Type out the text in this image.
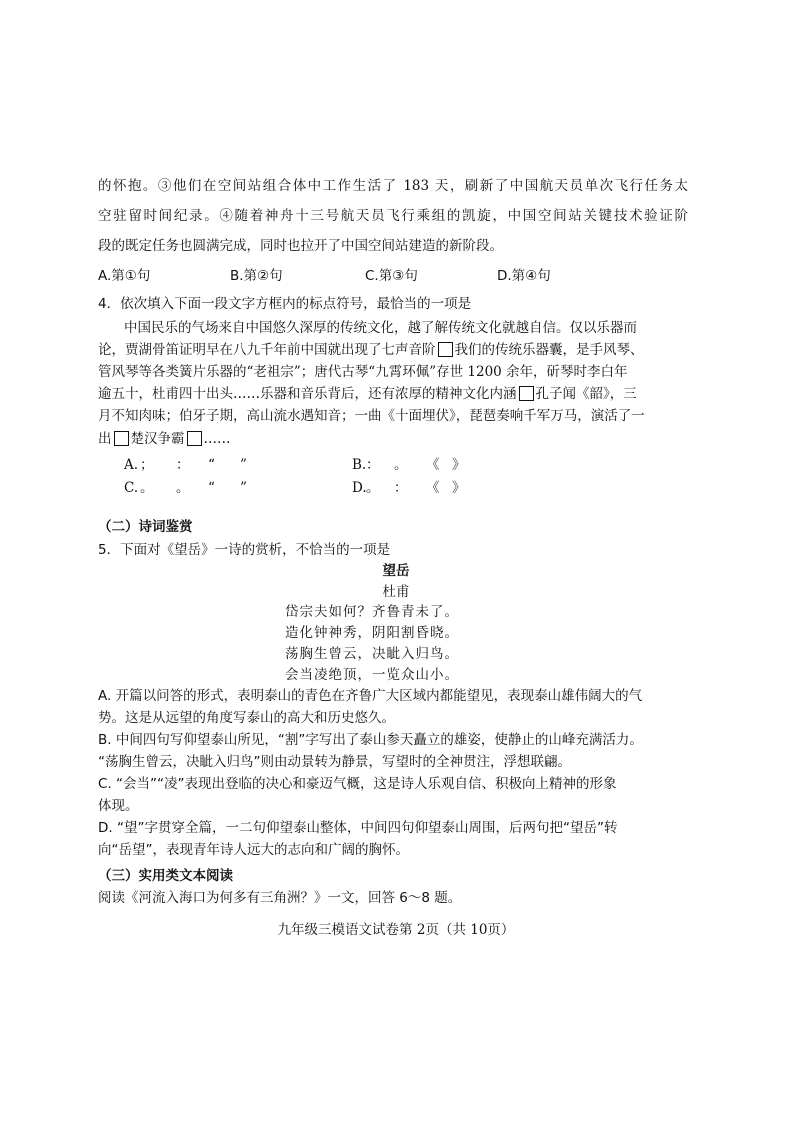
的怀抱。③他们在空间站组合体中工作生活了 183 天，刷新了中国航天员单次飞行任务太
空驻留时间纪录。④随着神舟十三号航天员飞行乘组的凯旋，中国空间站关键技术验证阶
段的既定任务也圆满完成，同时也拉开了中国空间站建造的新阶段。
A.第①句	B.第②句	C.第③句	D.第④句
4．依次填入下面一段文字方框内的标点符号，最恰当的一项是
中国民乐的气场来自中国悠久深厚的传统文化，越了解传统文化就越自信。仅以乐器而
论，贾湖骨笛证明早在八九千年前中国就出现了七声音阶 我们的传统乐器囊，是手风琴、
管风琴等各类簧片乐器的“老祖宗”；唐代古琴“九霄环佩”存世 1200 余年，斫琴时李白年
逾五十，杜甫四十出头……乐器和音乐背后，还有浓厚的精神文化内涵 孔子闻《韶》，三
月不知肉味；伯牙子期，高山流水遇知音；一曲《十面埋伏》，琵琶奏响千军万马，演活了一
出 楚汉争霸 ……
A. ； ： “ ”	B. ： 。 《 》
C. 。 。 “ ”	D. 。 ： 《 》
（二）诗词鉴赏
5．下面对《望岳》一诗的赏析，不恰当的一项是
望岳
杜甫
岱宗夫如何？齐鲁青未了。
造化钟神秀，阴阳割昏晓。
荡胸生曾云，决眦入归鸟。
会当凌绝顶，一览众山小。
A. 开篇以问答的形式，表明泰山的青色在齐鲁广大区域内都能望见，表现泰山雄伟阔大的气
势。这是从远望的角度写泰山的高大和历史悠久。
B. 中间四句写仰望泰山所见，“割”字写出了泰山参天矗立的雄姿，使静止的山峰充满活力。
“荡胸生曾云，决眦入归鸟”则由动景转为静景，写望时的全神贯注，浮想联翩。
C. “会当”“凌”表现出登临的决心和豪迈气概，这是诗人乐观自信、积极向上精神的形象
体现。
D. “望”字贯穿全篇，一二句仰望泰山整体，中间四句仰望泰山周围，后两句把“望岳”转
向“岳望”，表现青年诗人远大的志向和广阔的胸怀。
（三）实用类文本阅读
阅读《河流入海口为何多有三角洲？》一文，回答 6～8 题。
九年级三模语文试卷第 2页（共 10页）
